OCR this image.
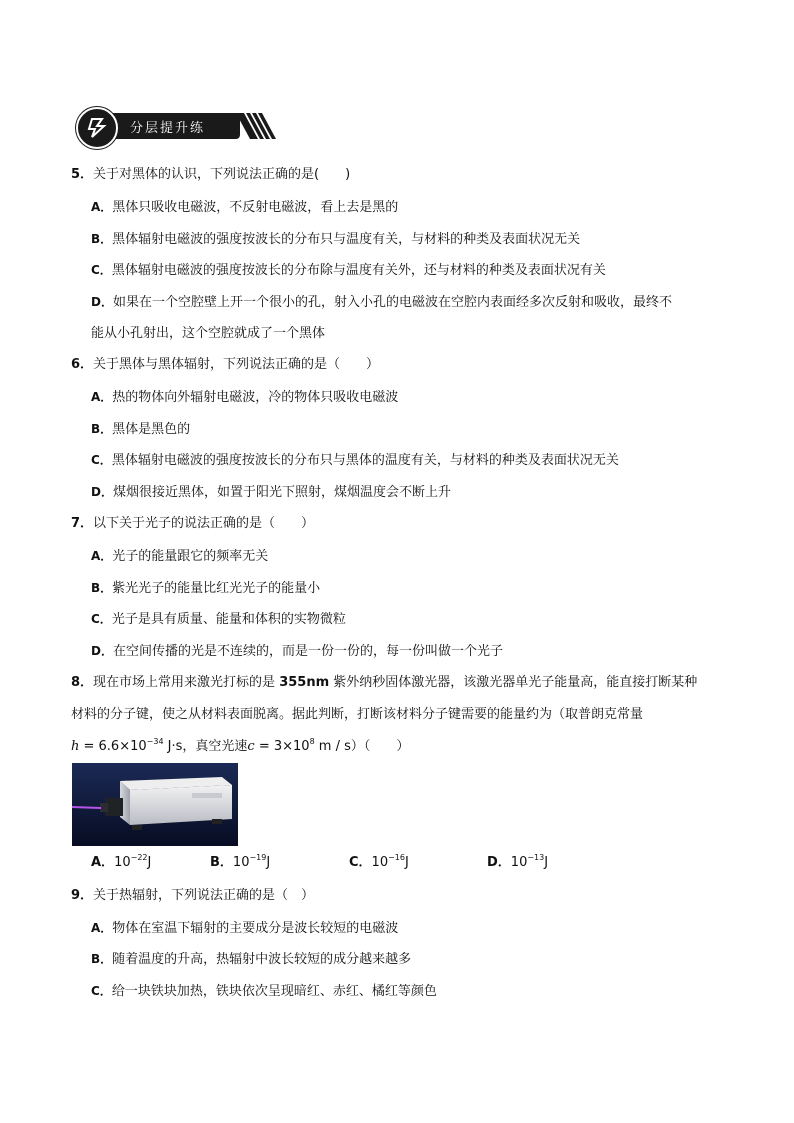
分层提升练
5．关于对黑体的认识，下列说法正确的是(　　)
A．黑体只吸收电磁波，不反射电磁波，看上去是黑的
B．黑体辐射电磁波的强度按波长的分布只与温度有关，与材料的种类及表面状况无关
C．黑体辐射电磁波的强度按波长的分布除与温度有关外，还与材料的种类及表面状况有关
D．如果在一个空腔壁上开一个很小的孔，射入小孔的电磁波在空腔内表面经多次反射和吸收，最终不
能从小孔射出，这个空腔就成了一个黑体
6．关于黑体与黑体辐射，下列说法正确的是（　　）
A．热的物体向外辐射电磁波，冷的物体只吸收电磁波
B．黑体是黑色的
C．黑体辐射电磁波的强度按波长的分布只与黑体的温度有关，与材料的种类及表面状况无关
D．煤烟很接近黑体，如置于阳光下照射，煤烟温度会不断上升
7．以下关于光子的说法正确的是（　　）
A．光子的能量跟它的频率无关
B．紫光光子的能量比红光光子的能量小
C．光子是具有质量、能量和体积的实物微粒
D．在空间传播的光是不连续的，而是一份一份的，每一份叫做一个光子
8．现在市场上常用来激光打标的是 355nm 紫外纳秒固体激光器，该激光器单光子能量高，能直接打断某种
材料的分子键，使之从材料表面脱离。据此判断，打断该材料分子键需要的能量约为（取普朗克常量
$h = 6.6\times 10^{-34}$ J·s，真空光速$c = 3\times 10^8$ m / s）（　　）
A．$10^{-22}J$	B．$10^{-19}J$	C．$10^{-16}J$	D．$10^{-13}J$
9．关于热辐射，下列说法正确的是（　）
A．物体在室温下辐射的主要成分是波长较短的电磁波
B．随着温度的升高，热辐射中波长较短的成分越来越多
C．给一块铁块加热，铁块依次呈现暗红、赤红、橘红等颜色
